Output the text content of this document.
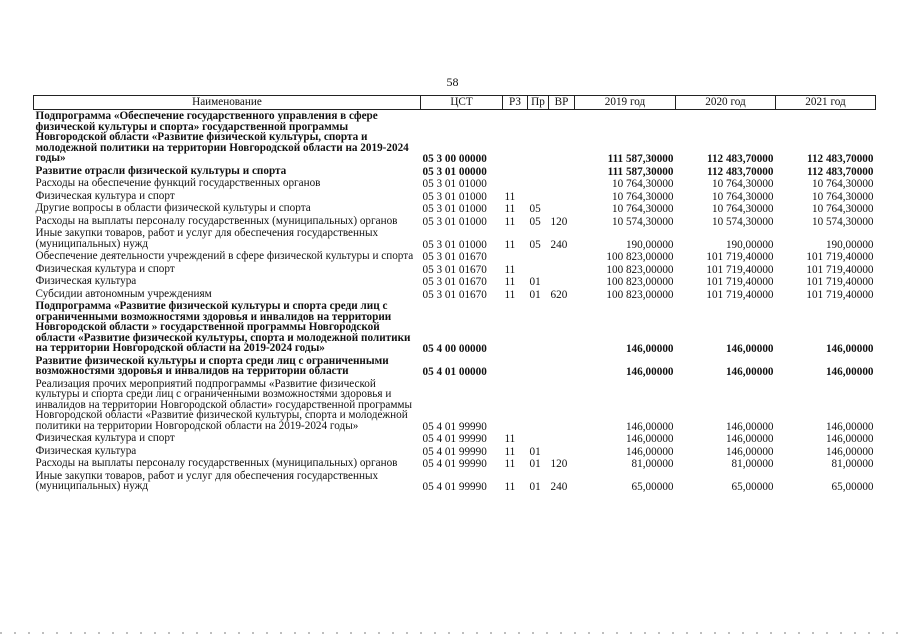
58
Наименование	ЦСТ	РЗ	Пр	ВР	2019 год	2020 год	2021 год
Подпрограмма «Обеспечение государственного управления в сфере физической культуры и спорта» государственной программы Новгородской области «Развитие физической культуры, спорта и молодежной политики на территории Новгородской области на 2019-2024 годы»	05 3 00 00000				111 587,30000	112 483,70000	112 483,70000
Развитие отрасли физической культуры и спорта	05 3 01 00000				111 587,30000	112 483,70000	112 483,70000
Расходы на обеспечение функций государственных органов	05 3 01 01000				10 764,30000	10 764,30000	10 764,30000
Физическая культура и спорт	05 3 01 01000	11			10 764,30000	10 764,30000	10 764,30000
Другие вопросы в области физической культуры и спорта	05 3 01 01000	11	05		10 764,30000	10 764,30000	10 764,30000
Расходы на выплаты персоналу государственных (муниципальных) органов	05 3 01 01000	11	05	120	10 574,30000	10 574,30000	10 574,30000
Иные закупки товаров, работ и услуг для обеспечения государственных (муниципальных) нужд	05 3 01 01000	11	05	240	190,00000	190,00000	190,00000
Обеспечение деятельности учреждений в сфере физической культуры и спорта	05 3 01 01670				100 823,00000	101 719,40000	101 719,40000
Физическая культура и спорт	05 3 01 01670	11			100 823,00000	101 719,40000	101 719,40000
Физическая культура	05 3 01 01670	11	01		100 823,00000	101 719,40000	101 719,40000
Субсидии автономным учреждениям	05 3 01 01670	11	01	620	100 823,00000	101 719,40000	101 719,40000
Подпрограмма «Развитие физической культуры и спорта среди лиц с ограниченными возможностями здоровья и инвалидов на территории Новгородской области » государственной программы Новгородской области «Развитие физической культуры, спорта и молодежной политики на территории Новгородской области на 2019-2024 годы»	05 4 00 00000				146,00000	146,00000	146,00000
Развитие физической культуры и спорта среди лиц с ограниченными возможностями здоровья и инвалидов на территории области	05 4 01 00000				146,00000	146,00000	146,00000
Реализация прочих мероприятий подпрограммы «Развитие физической культуры и спорта среди лиц с ограниченными возможностями здоровья и инвалидов на территории Новгородской области» государственной программы Новгородской области «Развитие физической культуры, спорта и молодежной политики на территории Новгородской области на 2019-2024 годы»	05 4 01 99990				146,00000	146,00000	146,00000
Физическая культура и спорт	05 4 01 99990	11			146,00000	146,00000	146,00000
Физическая культура	05 4 01 99990	11	01		146,00000	146,00000	146,00000
Расходы на выплаты персоналу государственных (муниципальных) органов	05 4 01 99990	11	01	120	81,00000	81,00000	81,00000
Иные закупки товаров, работ и услуг для обеспечения государственных (муниципальных) нужд	05 4 01 99990	11	01	240	65,00000	65,00000	65,00000
